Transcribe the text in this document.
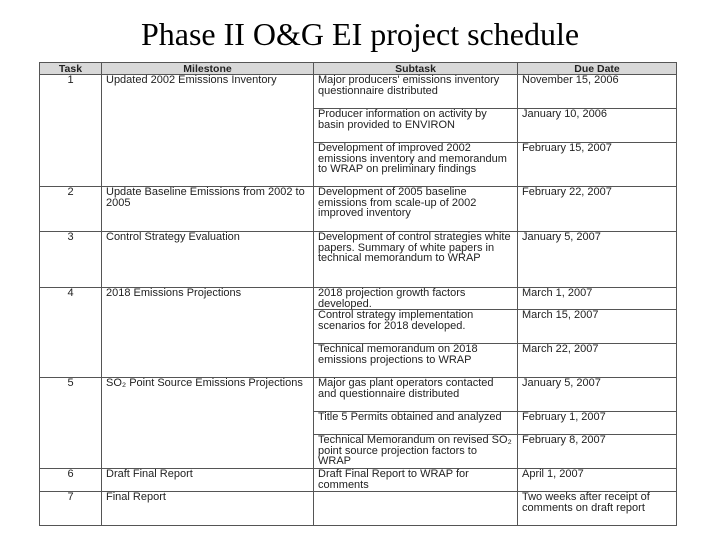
Phase II O&G EI project schedule
Task	Milestone	Subtask	Due Date
1	Updated 2002 Emissions Inventory	Major producers' emissions inventory questionnaire distributed	November 15, 2006
		Producer information on activity by basin provided to ENVIRON	January 10, 2006
		Development of improved 2002 emissions inventory and memorandum to WRAP on preliminary findings	February 15, 2007
2	Update Baseline Emissions from 2002 to 2005	Development of 2005 baseline emissions from scale-up of 2002 improved inventory	February 22, 2007
3	Control Strategy Evaluation	Development of control strategies white papers. Summary of white papers in technical memorandum to WRAP	January 5, 2007
4	2018 Emissions Projections	2018 projection growth factors developed.	March 1, 2007
		Control strategy implementation scenarios for 2018 developed.	March 15, 2007
		Technical memorandum on 2018 emissions projections to WRAP	March 22, 2007
5	SO₂ Point Source Emissions Projections	Major gas plant operators contacted and questionnaire distributed	January 5, 2007
		Title 5 Permits obtained and analyzed	February 1, 2007
		Technical Memorandum on revised SO₂ point source projection factors to WRAP	February 8, 2007
6	Draft Final Report	Draft Final Report to WRAP for comments	April 1, 2007
7	Final Report		Two weeks after receipt of comments on draft report
